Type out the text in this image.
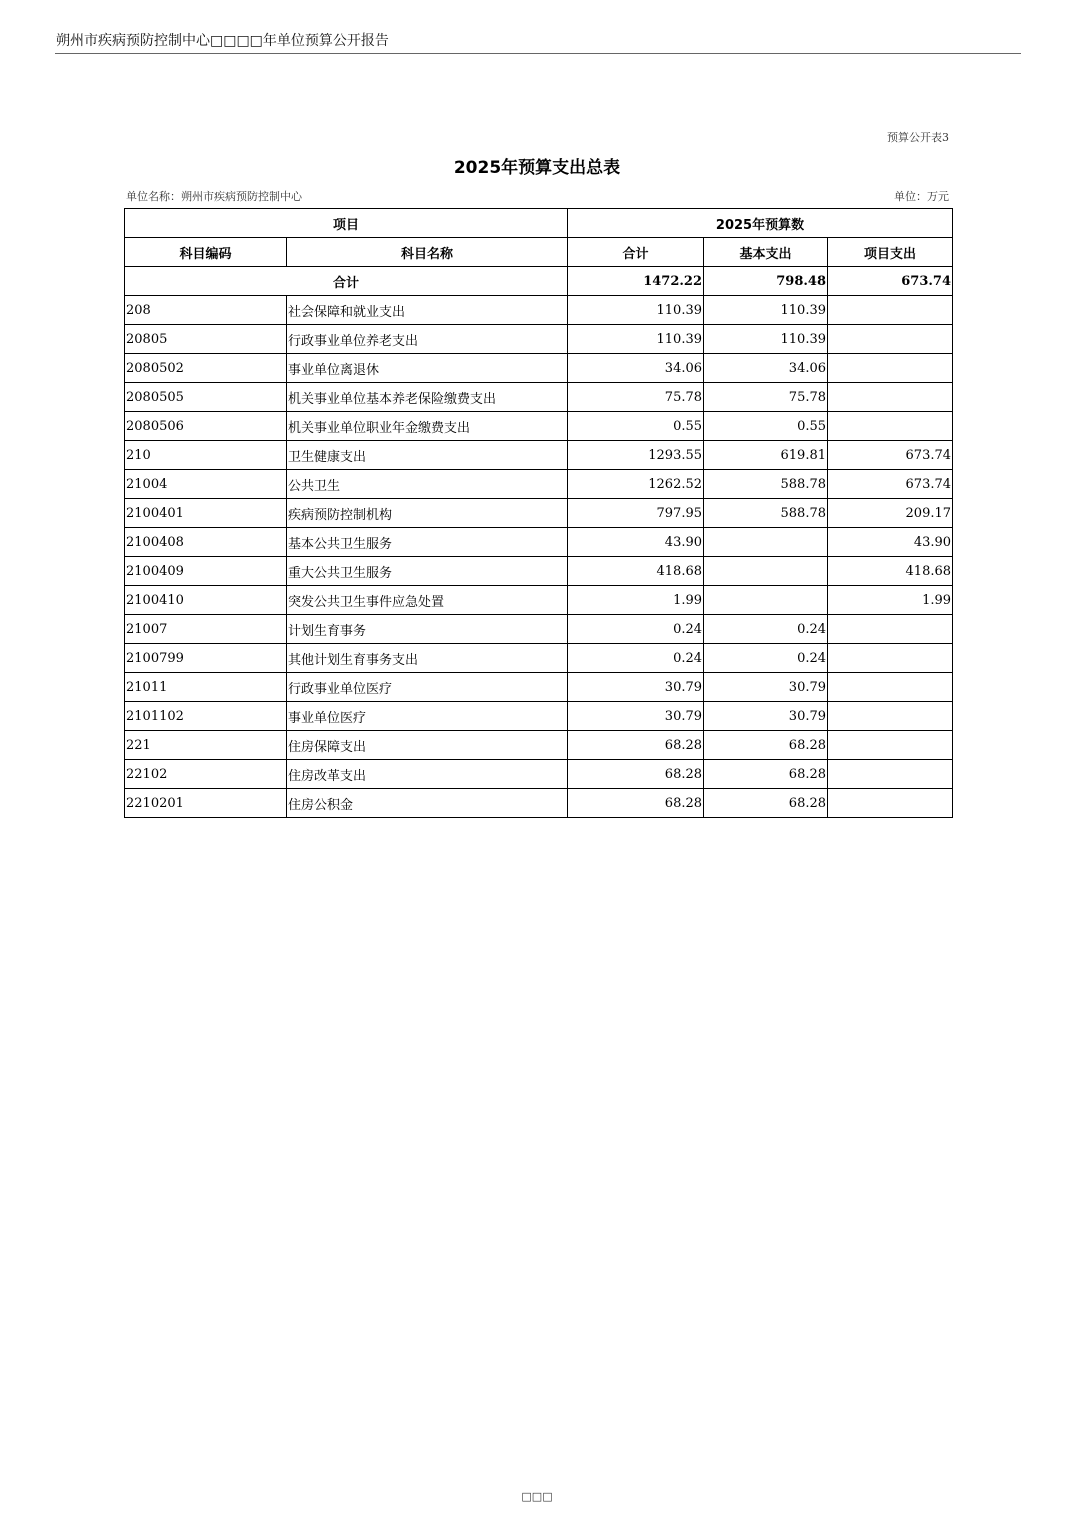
朔州市疾病预防控制中心□□□□年单位预算公开报告
预算公开表3
2025年预算支出总表
单位名称：朔州市疾病预防控制中心	单位：万元
项目		2025年预算数		
科目编码	科目名称	合计	基本支出	项目支出
合计		1472.22	798.48	673.74
208	社会保障和就业支出	110.39	110.39	
20805	行政事业单位养老支出	110.39	110.39	
2080502	事业单位离退休	34.06	34.06	
2080505	机关事业单位基本养老保险缴费支出	75.78	75.78	
2080506	机关事业单位职业年金缴费支出	0.55	0.55	
210	卫生健康支出	1293.55	619.81	673.74
21004	公共卫生	1262.52	588.78	673.74
2100401	疾病预防控制机构	797.95	588.78	209.17
2100408	基本公共卫生服务	43.90		43.90
2100409	重大公共卫生服务	418.68		418.68
2100410	突发公共卫生事件应急处置	1.99		1.99
21007	计划生育事务	0.24	0.24	
2100799	其他计划生育事务支出	0.24	0.24	
21011	行政事业单位医疗	30.79	30.79	
2101102	事业单位医疗	30.79	30.79	
221	住房保障支出	68.28	68.28	
22102	住房改革支出	68.28	68.28	
2210201	住房公积金	68.28	68.28	
□□□
